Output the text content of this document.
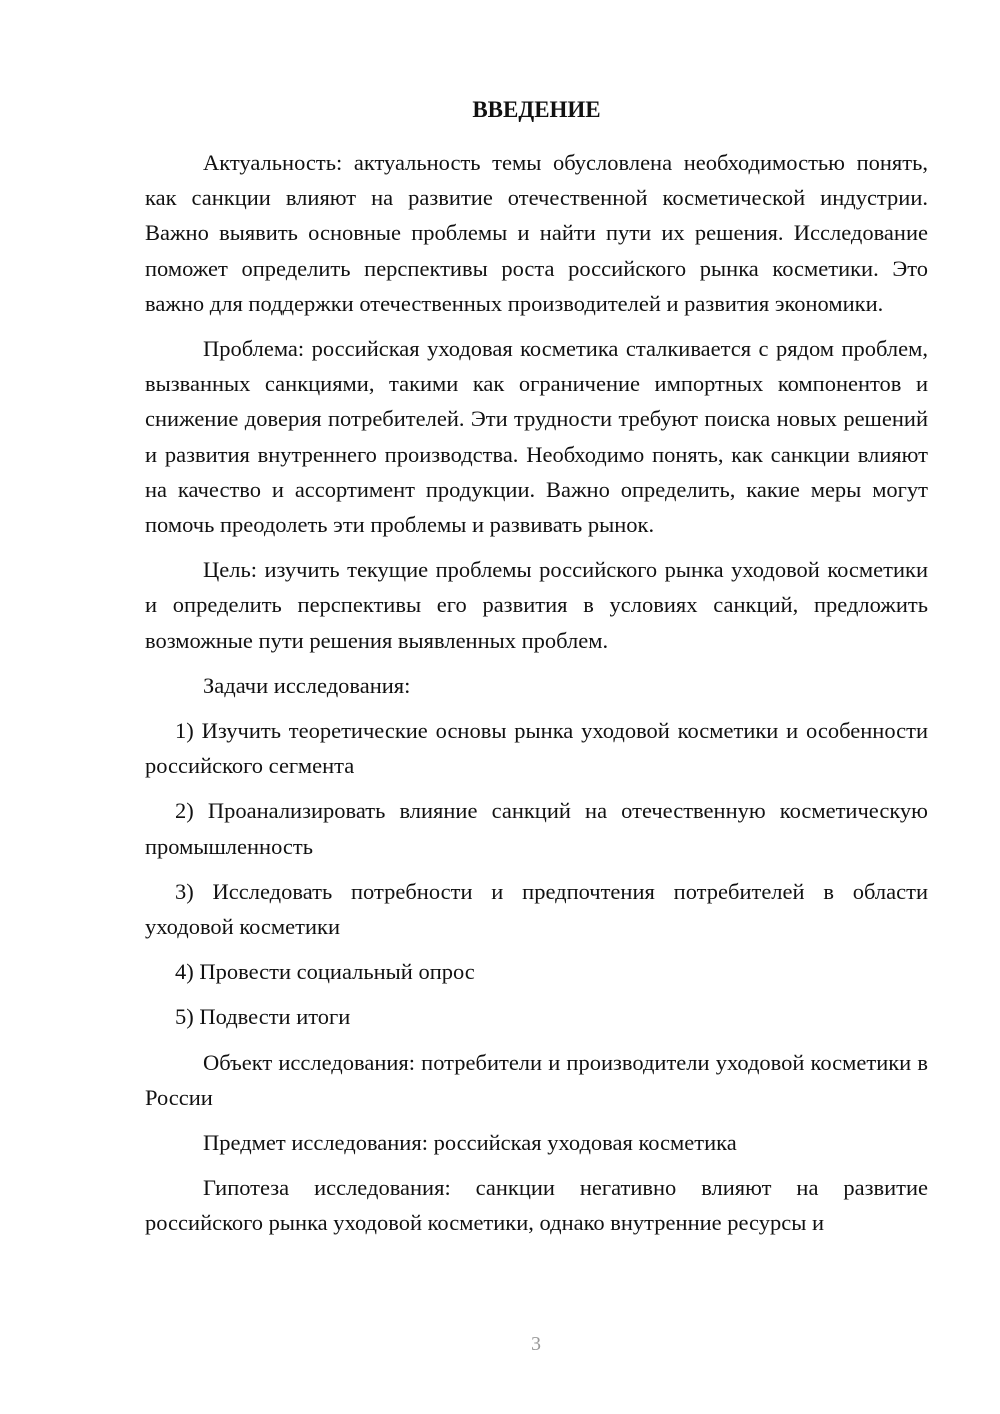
ВВЕДЕНИЕ

Актуальность: актуальность темы обусловлена необходимостью понять, как санкции влияют на развитие отечественной косметической индустрии. Важно выявить основные проблемы и найти пути их решения. Исследование поможет определить перспективы роста российского рынка косметики. Это важно для поддержки отечественных производителей и развития экономики.

Проблема: российская уходовая косметика сталкивается с рядом проблем, вызванных санкциями, такими как ограничение импортных компонентов и снижение доверия потребителей. Эти трудности требуют поиска новых решений и развития внутреннего производства. Необходимо понять, как санкции влияют на качество и ассортимент продукции. Важно определить, какие меры могут помочь преодолеть эти проблемы и развивать рынок.

Цель: изучить текущие проблемы российского рынка уходовой косметики и определить перспективы его развития в условиях санкций, предложить возможные пути решения выявленных проблем.

Задачи исследования:

1) Изучить теоретические основы рынка уходовой косметики и особенности российского сегмента

2) Проанализировать влияние санкций на отечественную косметическую промышленность

3) Исследовать потребности и предпочтения потребителей в области уходовой косметики

4) Провести социальный опрос

5) Подвести итоги

Объект исследования: потребители и производители уходовой косметики в России

Предмет исследования: российская уходовая косметика

Гипотеза исследования: санкции негативно влияют на развитие российского рынка уходовой косметики, однако внутренние ресурсы и

3
